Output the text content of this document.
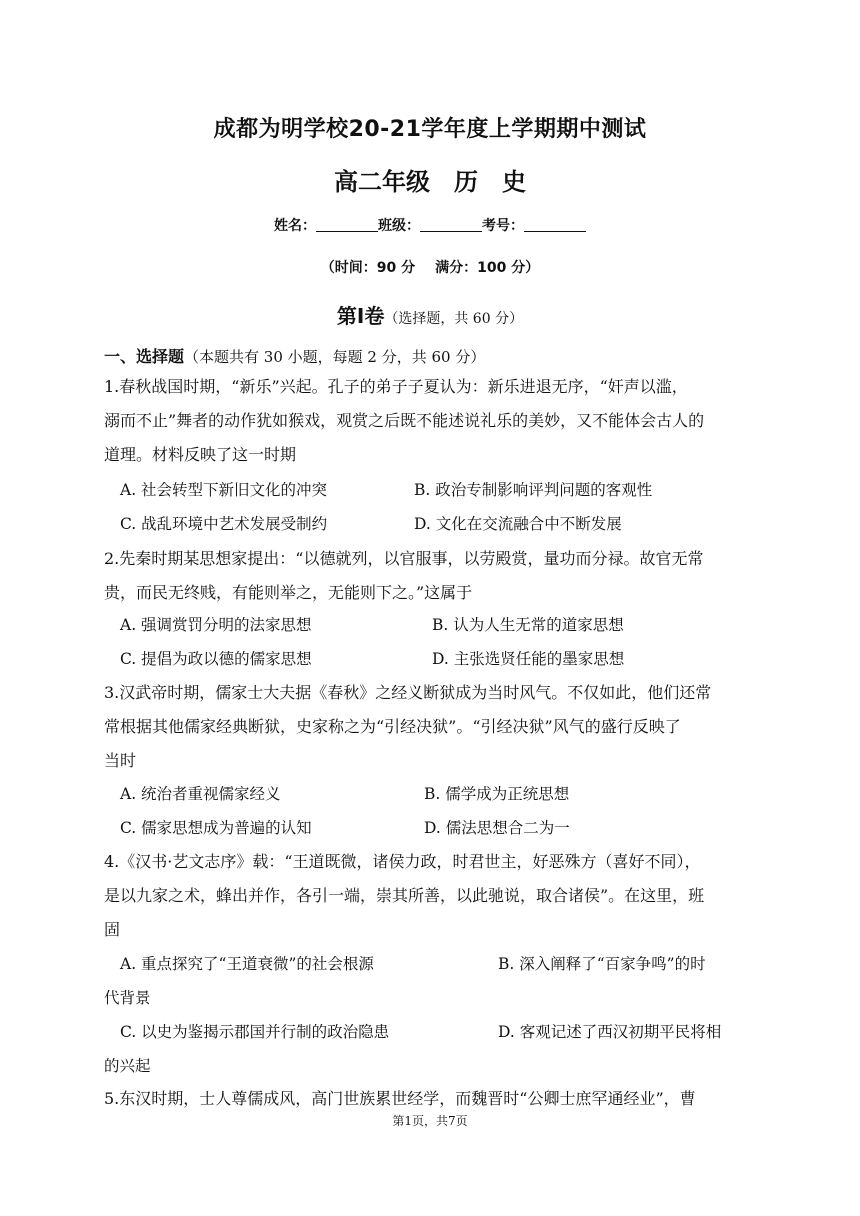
成都为明学校20-21学年度上学期期中测试
高二年级　历　史
姓名：	班级：	考号：
（时间：90 分 满分：100 分）
第Ⅰ卷（选择题，共 60 分）
一、选择题（本题共有 30 小题，每题 2 分，共 60 分）
1.春秋战国时期，“新乐”兴起。孔子的弟子子夏认为：新乐进退无序，“奸声以滥，
溺而不止”舞者的动作犹如猴戏，观赏之后既不能述说礼乐的美妙，又不能体会古人的
道理。材料反映了这一时期
A. 社会转型下新旧文化的冲突	B. 政治专制影响评判问题的客观性
C. 战乱环境中艺术发展受制约	D. 文化在交流融合中不断发展
2.先秦时期某思想家提出：“以德就列，以官服事，以劳殿赏，量功而分禄。故官无常
贵，而民无终贱，有能则举之，无能则下之。”这属于
A. 强调赏罚分明的法家思想	B. 认为人生无常的道家思想
C. 提倡为政以德的儒家思想	D. 主张选贤任能的墨家思想
3.汉武帝时期，儒家士大夫据《春秋》之经义断狱成为当时风气。不仅如此，他们还常
常根据其他儒家经典断狱，史家称之为“引经决狱”。“引经决狱”风气的盛行反映了
当时
A. 统治者重视儒家经义	B. 儒学成为正统思想
C. 儒家思想成为普遍的认知	D. 儒法思想合二为一
4.《汉书·艺文志序》载：“王道既微，诸侯力政，时君世主，好恶殊方（喜好不同），
是以九家之术，蜂出并作，各引一端，崇其所善，以此驰说，取合诸侯”。在这里，班
固
A. 重点探究了“王道衰微”的社会根源	B. 深入阐释了“百家争鸣”的时
代背景
C. 以史为鉴揭示郡国并行制的政治隐患	D. 客观记述了西汉初期平民将相
的兴起
5.东汉时期，士人尊儒成风，高门世族累世经学，而魏晋时“公卿士庶罕通经业”，曹
第1页，共7页
